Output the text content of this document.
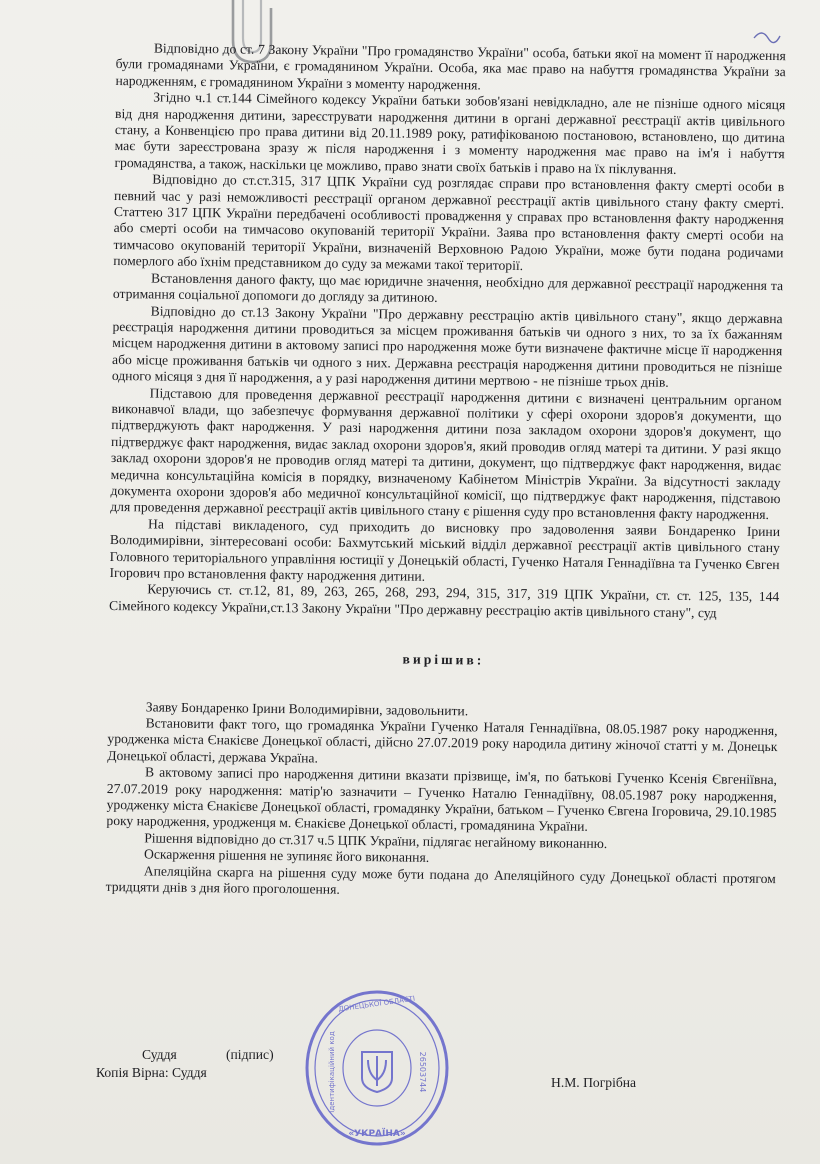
Відповідно до ст. 7 Закону України "Про громадянство України" особа, батьки якої на момент її народження були громадянами України, є громадянином України. Особа, яка має право на набуття громадянства України за народженням, є громадянином України з моменту народження.

Згідно ч.1 ст.144 Сімейного кодексу України батьки зобов'язані невідкладно, але не пізніше одного місяця від дня народження дитини, зареєструвати народження дитини в органі державної реєстрації актів цивільного стану, а Конвенцією про права дитини від 20.11.1989 року, ратифікованою постановою, встановлено, що дитина має бути зареєстрована зразу ж після народження і з моменту народження має право на ім'я і набуття громадянства, а також, наскільки це можливо, право знати своїх батьків і право на їх піклування.

Відповідно до ст.ст.315, 317 ЦПК України суд розглядає справи про встановлення факту смерті особи в певний час у разі неможливості реєстрації органом державної реєстрації актів цивільного стану факту смерті. Статтею 317 ЦПК України передбачені особливості провадження у справах про встановлення факту народження або смерті особи на тимчасово окупованій території України. Заява про встановлення факту смерті особи на тимчасово окупованій території України, визначеній Верховною Радою України, може бути подана родичами померлого або їхнім представником до суду за межами такої території.

Встановлення даного факту, що має юридичне значення, необхідно для державної реєстрації народження та отримання соціальної допомоги до догляду за дитиною.

Відповідно до ст.13 Закону України "Про державну реєстрацію актів цивільного стану", якщо державна реєстрація народження дитини проводиться за місцем проживання батьків чи одного з них, то за їх бажанням місцем народження дитини в актовому записі про народження може бути визначене фактичне місце її народження або місце проживання батьків чи одного з них. Державна реєстрація народження дитини проводиться не пізніше одного місяця з дня її народження, а у разі народження дитини мертвою - не пізніше трьох днів.

Підставою для проведення державної реєстрації народження дитини є визначені центральним органом виконавчої влади, що забезпечує формування державної політики у сфері охорони здоров'я документи, що підтверджують факт народження. У разі народження дитини поза закладом охорони здоров'я документ, що підтверджує факт народження, видає заклад охорони здоров'я, який проводив огляд матері та дитини. У разі якщо заклад охорони здоров'я не проводив огляд матері та дитини, документ, що підтверджує факт народження, видає медична консультаційна комісія в порядку, визначеному Кабінетом Міністрів України. За відсутності закладу документа охорони здоров'я або медичної консультаційної комісії, що підтверджує факт народження, підставою для проведення державної реєстрації актів цивільного стану є рішення суду про встановлення факту народження.

На підставі викладеного, суд приходить до висновку про задоволення заяви Бондаренко Ірини Володимирівни, зінтересовані особи: Бахмутський міський відділ державної реєстрації актів цивільного стану Головного територіального управління юстиції у Донецькій області, Гученко Наталя Геннадіївна та Гученко Євген Ігорович про встановлення факту народження дитини.

Керуючись ст. ст.12, 81, 89, 263, 265, 268, 293, 294, 315, 317, 319 ЦПК України, ст. ст. 125, 135, 144 Сімейного кодексу України,ст.13 Закону України "Про державну реєстрацію актів цивільного стану", суд

вирішив:

Заяву Бондаренко Ірини Володимирівни, задовольнити.

Встановити факт того, що громадянка України Гученко Наталя Геннадіївна, 08.05.1987 року народження, уродженка міста Єнакієве Донецької області, дійсно 27.07.2019 року народила дитину жіночої статті у м. Донецьк Донецької області, держава Україна.

В актовому записі про народження дитини вказати прізвище, ім'я, по батькові Гученко Ксенія Євгеніївна, 27.07.2019 року народження: матір'ю зазначити – Гученко Наталю Геннадіївну, 08.05.1987 року народження, уродженку міста Єнакієве Донецької області, громадянку України, батьком – Гученко Євгена Ігоровича, 29.10.1985 року народження, уродженця м. Єнакієве Донецької області, громадянина України.

Рішення відповідно до ст.317 ч.5 ЦПК України, підлягає негайному виконанню.

Оскарження рішення не зупиняє його виконання.

Апеляційна скарга на рішення суду може бути подана до Апеляційного суду Донецької області протягом тридцяти днів з дня його проголошення.

Суддя	(підпис)
Копія Вірна: Суддя
Н.М. Погрібна
ДОНЕЦЬКОЇ ОБЛАСТІ
26503744
Ідентифікаційний код
«УКРАЇНА»
